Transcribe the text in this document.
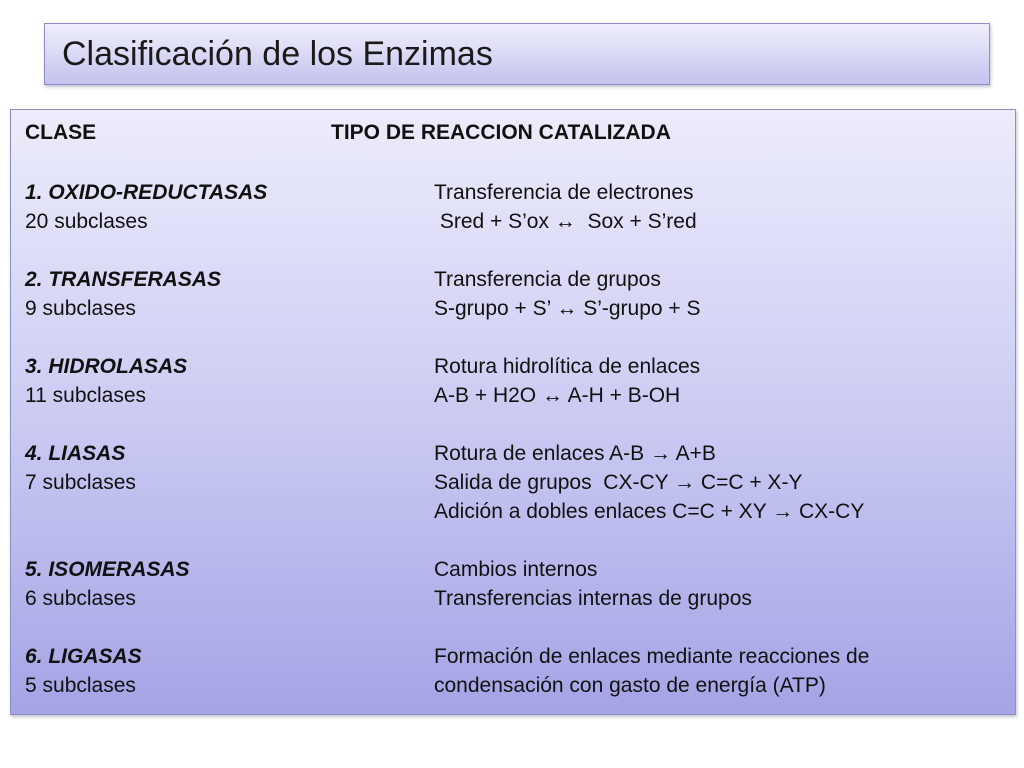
Clasificación de los Enzimas
CLASE	TIPO DE REACCION CATALIZADA
1. OXIDO-REDUCTASAS
20 subclases
Transferencia de electrones
Sred + S’ox ↔  Sox + S’red
2. TRANSFERASAS
9 subclases
Transferencia de grupos
S-grupo + S’ ↔ S’-grupo + S
3. HIDROLASAS
11 subclases
Rotura hidrolítica de enlaces
A-B + H2O ↔ A-H + B-OH
4. LIASAS
7 subclases
Rotura de enlaces A-B → A+B
Salida de grupos  CX-CY → C=C + X-Y
Adición a dobles enlaces C=C + XY → CX-CY
5. ISOMERASAS
6 subclases
Cambios internos
Transferencias internas de grupos
6. LIGASAS
5 subclases
Formación de enlaces mediante reacciones de
condensación con gasto de energía (ATP)
